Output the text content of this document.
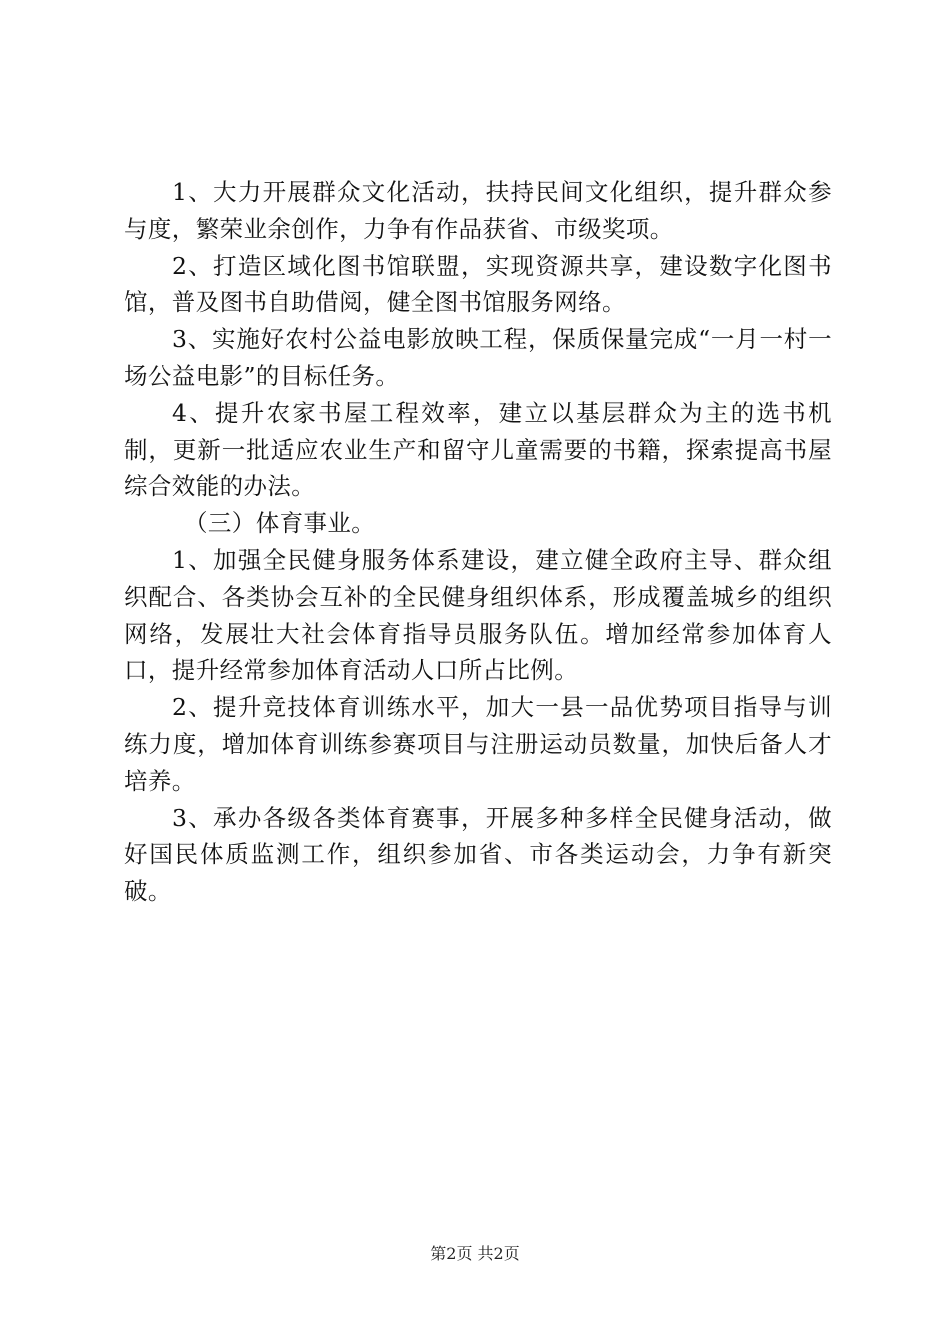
1、大力开展群众文化活动，扶持民间文化组织，提升群众参与度，繁荣业余创作，力争有作品获省、市级奖项。

2、打造区域化图书馆联盟，实现资源共享，建设数字化图书馆，普及图书自助借阅，健全图书馆服务网络。

3、实施好农村公益电影放映工程，保质保量完成“一月一村一场公益电影”的目标任务。

4、提升农家书屋工程效率，建立以基层群众为主的选书机制，更新一批适应农业生产和留守儿童需要的书籍，探索提高书屋综合效能的办法。

（三）体育事业。

1、加强全民健身服务体系建设，建立健全政府主导、群众组织配合、各类协会互补的全民健身组织体系，形成覆盖城乡的组织网络，发展壮大社会体育指导员服务队伍。增加经常参加体育人口，提升经常参加体育活动人口所占比例。

2、提升竞技体育训练水平，加大一县一品优势项目指导与训练力度，增加体育训练参赛项目与注册运动员数量，加快后备人才培养。

3、承办各级各类体育赛事，开展多种多样全民健身活动，做好国民体质监测工作，组织参加省、市各类运动会，力争有新突破。

第2页 共2页
